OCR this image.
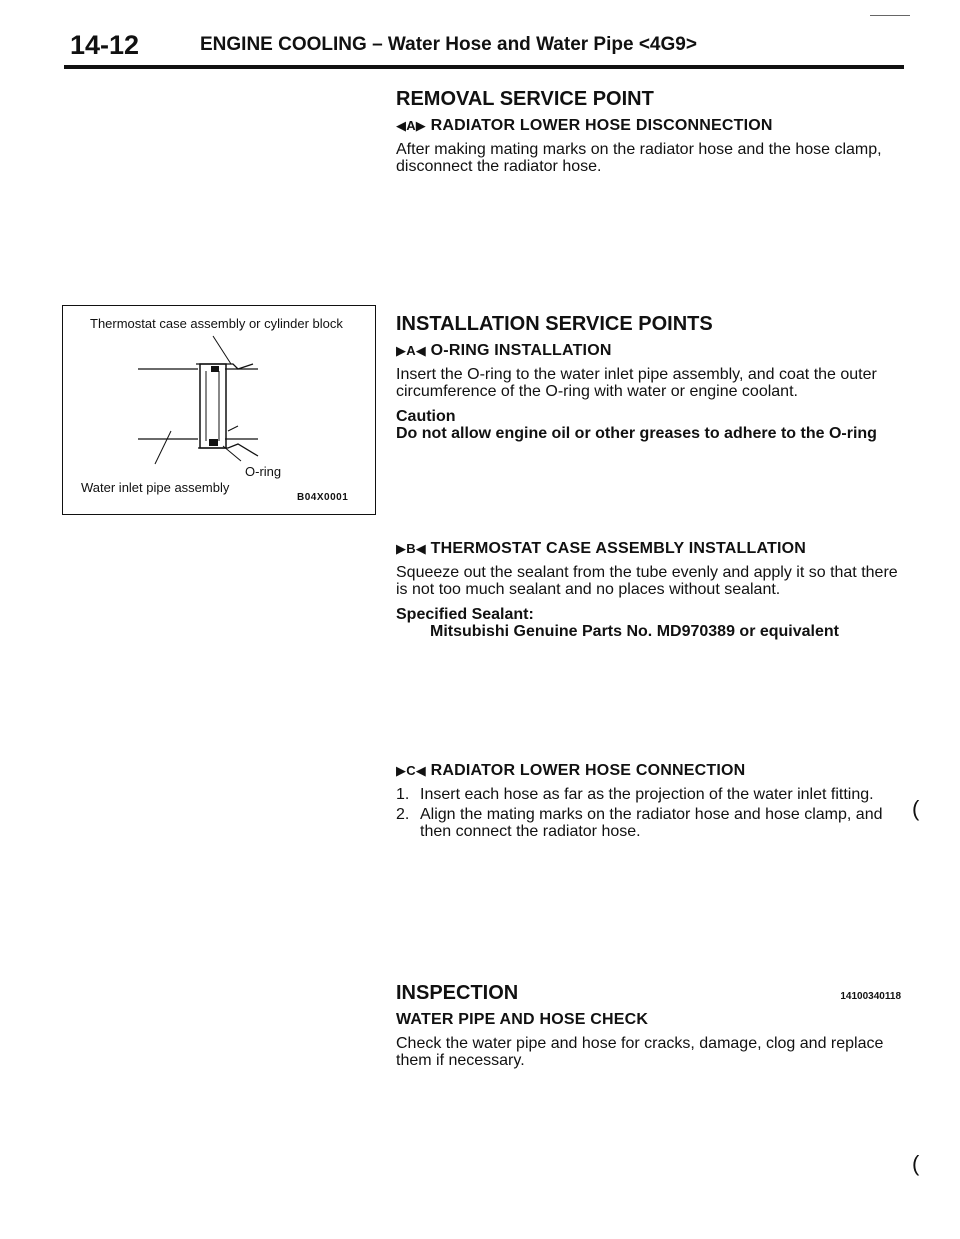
14-12	ENGINE COOLING – Water Hose and Water Pipe <4G9>
REMOVAL SERVICE POINT
◀A▶ RADIATOR LOWER HOSE DISCONNECTION
After making mating marks on the radiator hose and the hose clamp, disconnect the radiator hose.
Thermostat case assembly or cylinder block
O-ring
Water inlet pipe assembly
B04X0001
INSTALLATION SERVICE POINTS
▶A◀ O-RING INSTALLATION
Insert the O-ring to the water inlet pipe assembly, and coat the outer circumference of the O-ring with water or engine coolant.
Caution
Do not allow engine oil or other greases to adhere to the O-ring
▶B◀ THERMOSTAT CASE ASSEMBLY INSTALLATION
Squeeze out the sealant from the tube evenly and apply it so that there is not too much sealant and no places without sealant.
Specified Sealant:
Mitsubishi Genuine Parts No. MD970389 or equivalent
▶C◀ RADIATOR LOWER HOSE CONNECTION
1. Insert each hose as far as the projection of the water inlet fitting.
2. Align the mating marks on the radiator hose and hose clamp, and then connect the radiator hose.
INSPECTION	14100340118
WATER PIPE AND HOSE CHECK
Check the water pipe and hose for cracks, damage, clog and replace them if necessary.
(
(
